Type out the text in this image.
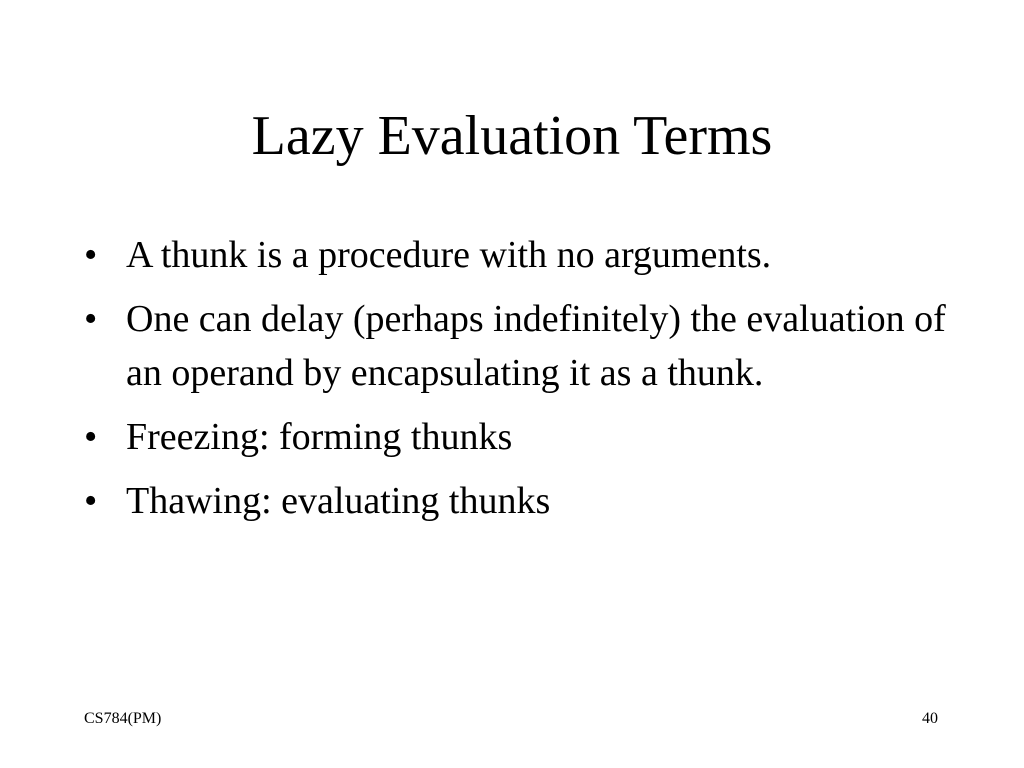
Lazy Evaluation Terms
• A thunk is a procedure with no arguments.
• One can delay (perhaps indefinitely) the evaluation of an operand by encapsulating it as a thunk.
• Freezing: forming thunks
• Thawing: evaluating thunks
CS784(PM)	40
